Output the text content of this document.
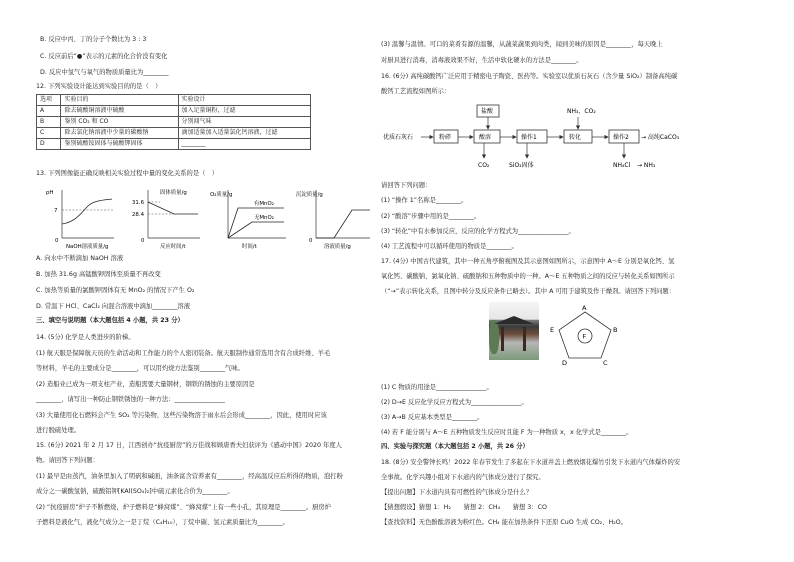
B. 反应中丙、丁的分子个数比为 3 : 3
C. 反应前后“●”表示的元素的化合价没有变化
D. 反应中氢气与氧气的物质质量比为________
12. 下列实验设计能达到实验目的的是（　）
选项	实验目的	实验设计
A	除去硫酸铜溶液中硫酸	加入足量铜粉，过滤
B	鉴别 CO₂ 和 CO	分别闻气味
C	除去氯化钠溶液中少量的碳酸钠	滴加适量加入适量氯化钙溶液，过滤
D	鉴别硫酸铵固体与硫酸钾固体	________
13. 下列图像能正确反映相关实验过程中量的变化关系的是（　）
pH
7
0
NaOH溶液质量/g
固体质量/g
31.6
28.4
0
反应时间/t
O₂质量/g
有MnO₂
无MnO₂
时间/t
沉淀质量/g
0
溶液质量/g
A. 向水中不断滴加 NaOH 溶液
B. 加热 31.6g 高锰酸钾固体至质量不再改变
C. 加热等质量的氯酸钾固体有无 MnO₂ 的情况下产生 O₂
D. 常温下 HCl、CaCl₂ 向混合溶液中滴加________溶液
三、填空与说明题（本大题包括 4 小题，共 23 分）
14. (5分) 化学是人类进步的阶梯。
(1) 航天服是保障航天员的生命活动和工作能力的个人密闭装备。航天服制作通常选用含有合成纤维、羊毛
等材料，羊毛的主要成分是________，可以用灼烧方法鉴别________气味。
(2) 造船业已成为一项支柱产业，造船需要大量钢材，钢铁的锈蚀的主要原因是
________，请写出一种防止钢铁锈蚀的一种方法：________________
(3) 大量使用化石燃料会产生 SO₂ 等污染物，这些污染物溶于雨水后会形成________，因此，使用时应该
进行脱硫处理。
15. (6分) 2021 年 2 月 17 日，江西创办“抗疫厨房”的万佳战和顾唐香夫妇获评为《感动中国》2020 年度人
物。请回答下列问题：
(1) 最早是由蒸汽，油条里加入了明矾和碱面，油条富含营养素有________，经高温反应后所得的物质，泡打粉
成分之一碳酸氢钠，硫酸铝钾[KAl(SO₄)₂]中硫元素化合价为________。
(2) “抗疫厨房”炉子不断燃烧，炉子燃料是“蜂窝煤”、“蜂窝煤”上有一些小孔，其原理是________。厨房炉
子燃料是液化气，液化气成分之一是丁烷（C₄H₁₀），丁烷中碳、氢元素质量比为________。
(3) 温馨与温情。可口的菜肴有源的温馨，从蔬菜蔬果到肉类，闻到美味的原因是________，每天晚上
对厨具进行消毒，消毒液效果不好，生活中软化硬水的方法是________。
16. (6分) 高纯碳酸钙广泛应用于精密电子陶瓷、医药等。实验室以优质石灰石（含少量 SiO₂）制备高纯碳
酸钙工艺流程如图所示：
优质石灰石	粉碎	酸溶
盐酸
CO₂
操作1
SiO₂固体
转化
NH₃、CO₂
操作2 → 高纯CaCO₃
NH₄Cl → NH₃
请回答下列问题：
(1) “操作 1”名称是________。
(2) “酸溶”步骤中用的是________。
(3) “转化”中有水参加反应，反应的化学方程式为________________。
(4) 工艺流程中可以循环使用的物质是________。
17. (4分) 中国古代建筑，其中一种五角亭俯视图及其示意图如图所示，示意图中 A～E 分别是氧化钙、氢
氧化钙、碳酸钠、氯氧化钠、硫酸钠和五种物质中的一种。A～E 五种物质之间的反应与转化关系如图所示
（“→”表示转化关系，且图中转分及反应条件已略去）。其中 A 可用于建筑及作干燥剂。请回答下列问题：
A
B
C
D
E
F
(1) C 物质的用途是________________。
(2) D→E 反应化学反应方程式为________________。
(3) A→B 反应基本类型是________。
(4) 若 F 能分别与 A～E 五种物质发生反应时且能 F 为一种物质 x，x 化学式是________。
四、实验与探究题（本大题包括 2 小题，共 26 分）
18. (8分) 安全警钟长鸣！2022 年春节发生了多起在下水道井盖上燃放烟花爆竹引发下水道内气体爆炸的安
全事故。化学兴趣小组对下水道内的气体成分进行了探究。
【提出问题】下水道内具有可燃性的气体成分是什么？
【猜想假设】猜想 1：H₂　　猜想 2：CH₄　　猜想 3：CO
【查找资料】无色酚酞溶液为粉红色。CH₄ 能在加热条件下还原 CuO 生成 CO₂、H₂O。
